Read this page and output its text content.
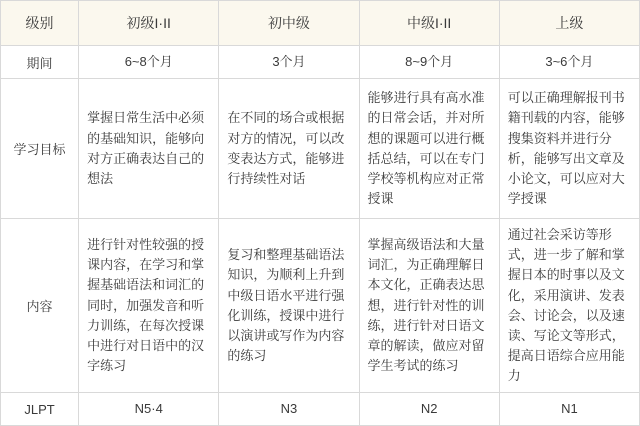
级别	初级I·II	初中级	中级I·II	上级
期间	6~8个月	3个月	8~9个月	3~6个月
学习目标	掌握日常生活中必须的基础知识，能够向对方正确表达自己的想法	在不同的场合或根据对方的情况，可以改变表达方式，能够进行持续性对话	能够进行具有高水准的日常会话，并对所想的课题可以进行概括总结，可以在专门学校等机构应对正常授课	可以正确理解报刊书籍刊载的内容，能够搜集资料并进行分析，能够写出文章及小论文，可以应对大学授课
内容	进行针对性较强的授课内容，在学习和掌握基础语法和词汇的同时，加强发音和听力训练，在每次授课中进行对日语中的汉字练习	复习和整理基础语法知识，为顺利上升到中级日语水平进行强化训练，授课中进行以演讲或写作为内容的练习	掌握高级语法和大量词汇，为正确理解日本文化，正确表达思想，进行针对性的训练，进行针对日语文章的解读，做应对留学生考试的练习	通过社会采访等形式，进一步了解和掌握日本的时事以及文化，采用演讲、发表会、讨论会，以及速读、写论文等形式，提高日语综合应用能力
JLPT	N5·4	N3	N2	N1
